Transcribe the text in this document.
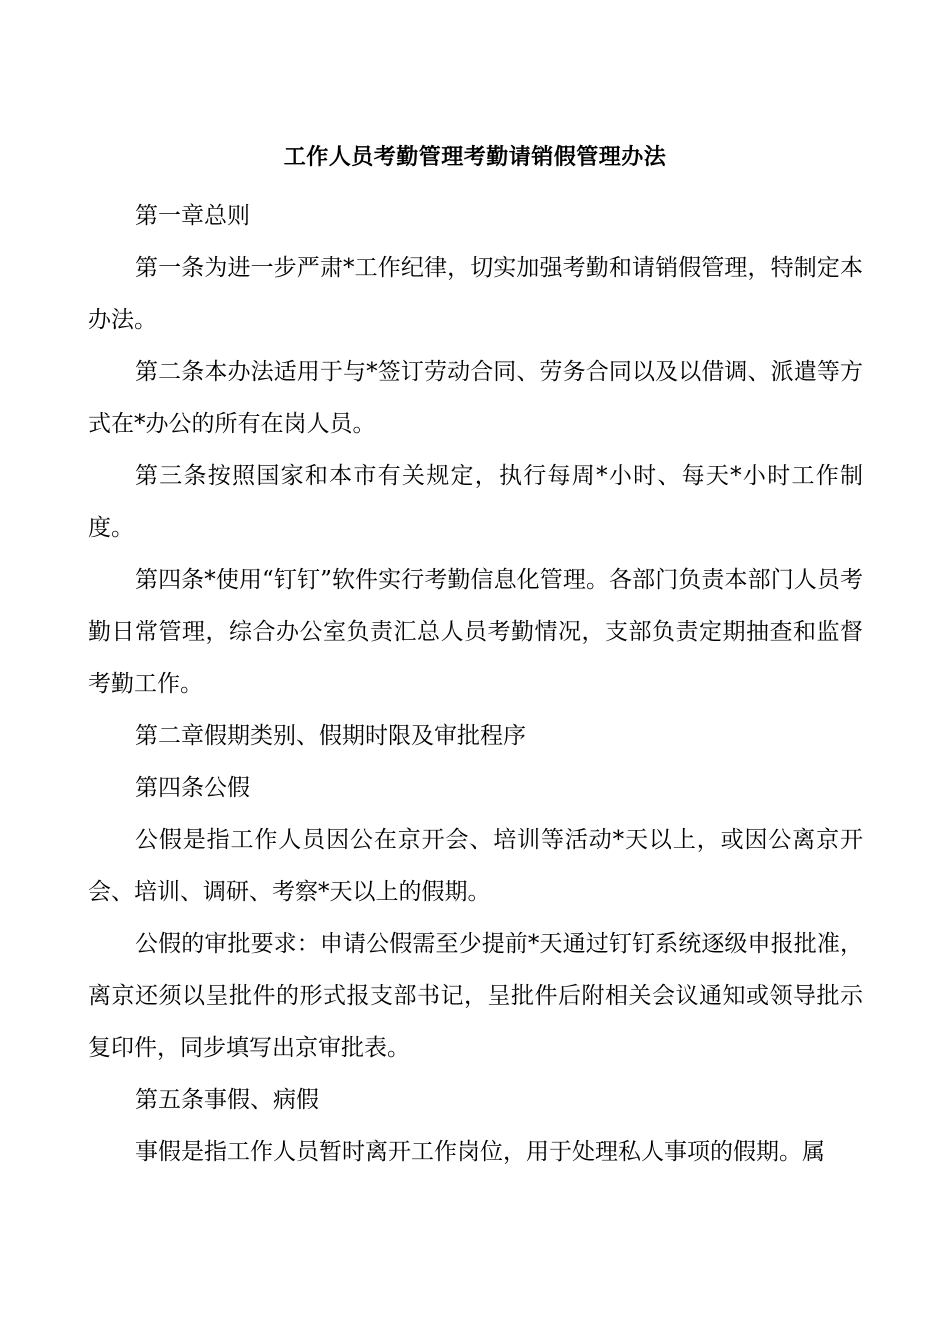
工作人员考勤管理考勤请销假管理办法

第一章总则

第一条为进一步严肃*工作纪律，切实加强考勤和请销假管理，特制定本办法。

第二条本办法适用于与*签订劳动合同、劳务合同以及以借调、派遣等方式在*办公的所有在岗人员。

第三条按照国家和本市有关规定，执行每周*小时、每天*小时工作制度。

第四条*使用“钉钉”软件实行考勤信息化管理。各部门负责本部门人员考勤日常管理，综合办公室负责汇总人员考勤情况，支部负责定期抽查和监督考勤工作。

第二章假期类别、假期时限及审批程序

第四条公假

公假是指工作人员因公在京开会、培训等活动*天以上，或因公离京开会、培训、调研、考察*天以上的假期。

公假的审批要求：申请公假需至少提前*天通过钉钉系统逐级申报批准，离京还须以呈批件的形式报支部书记，呈批件后附相关会议通知或领导批示复印件，同步填写出京审批表。

第五条事假、病假

事假是指工作人员暂时离开工作岗位，用于处理私人事项的假期。属
